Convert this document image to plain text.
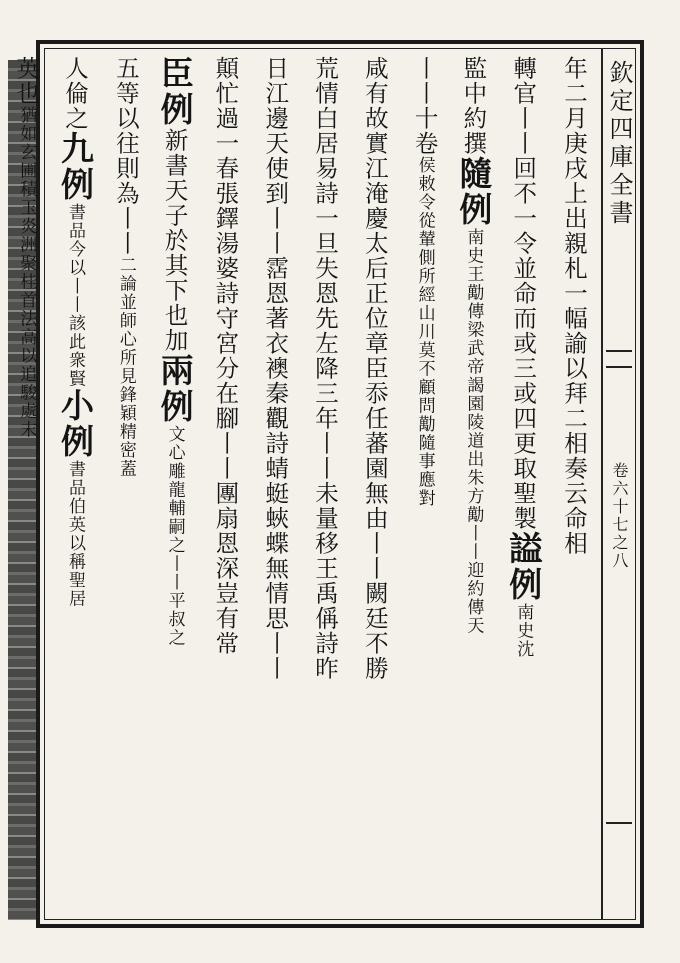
欽定四庫全書
卷六十七之八
年二月庚戌上出親札一幅諭以拜二相奏云命相
轉官丨丨回不一令並命而或三或四更取聖製謚例南史沈
監中約撰隨例南史王勱傳梁武帝謁園陵道出朱方勱丨丨迎約傳天
丨丨十卷侯敕令從輦側所經山川莫不顧問勱隨事應對
咸有故實江淹慶太后正位章臣忝任蕃園無由丨丨闕廷不勝
荒情白居易詩一旦失恩先左降三年丨丨未量移王禹偁詩昨
日江邊天使到丨丨霑恩著衣襖秦觀詩蜻蜓蛺蝶無情思丨丨
顛忙過一春張鐸湯婆詩守宮分在腳丨丨團扇恩深豈有常
臣例新書天子於其下也加兩例文心雕龍輔嗣之丨丨平叔之
五等以往則為丨丨二論並師心所見鋒穎精密蓋
人倫之九例書品今以丨丨該此衆賢小例書品伯英以稱聖居
英也猶如玄圃積玉炎洲聚桂首法高以追駿處末
